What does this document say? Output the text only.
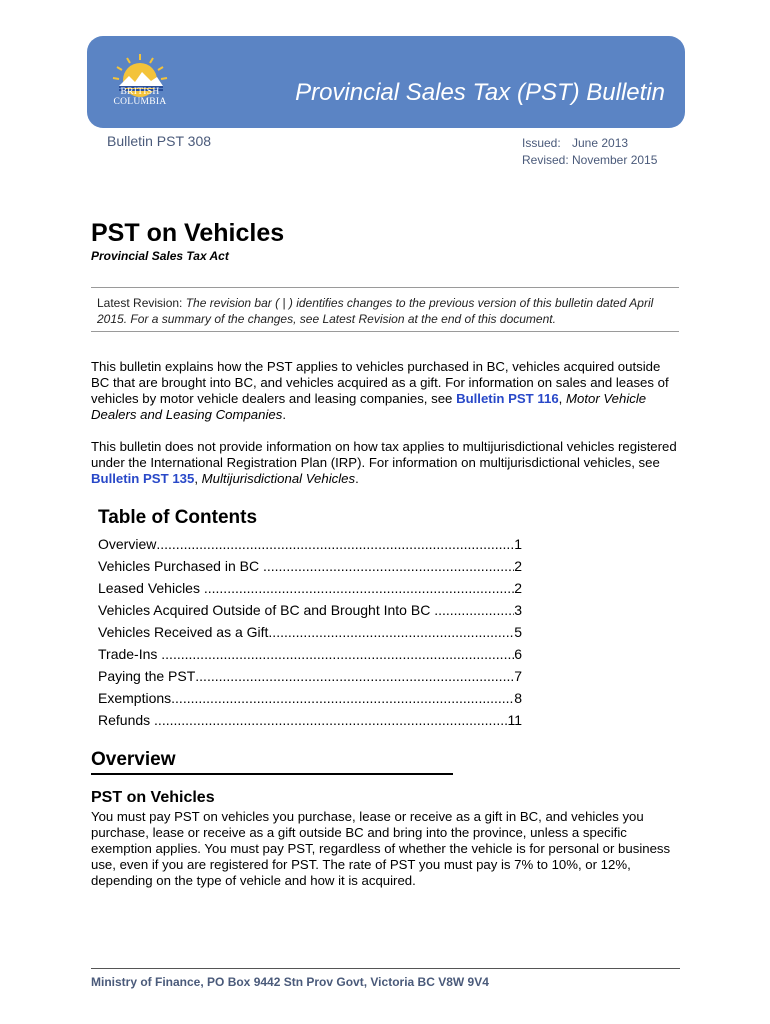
BRITISH
COLUMBIA	Provincial Sales Tax (PST) Bulletin
Bulletin PST 308	Issued: June 2013
Revised: November 2015
PST on Vehicles
Provincial Sales Tax Act

Latest Revision: The revision bar ( | ) identifies changes to the previous version of this bulletin dated April 2015. For a summary of the changes, see Latest Revision at the end of this document.

This bulletin explains how the PST applies to vehicles purchased in BC, vehicles acquired outside BC that are brought into BC, and vehicles acquired as a gift. For information on sales and leases of vehicles by motor vehicle dealers and leasing companies, see Bulletin PST 116, Motor Vehicle Dealers and Leasing Companies.

This bulletin does not provide information on how tax applies to multijurisdictional vehicles registered under the International Registration Plan (IRP). For information on multijurisdictional vehicles, see Bulletin PST 135, Multijurisdictional Vehicles.

Table of Contents
Overview .....	1
Vehicles Purchased in BC .....	2
Leased Vehicles .....	2
Vehicles Acquired Outside of BC and Brought Into BC .....	3
Vehicles Received as a Gift .....	5
Trade-Ins .....	6
Paying the PST .....	7
Exemptions .....	8
Refunds .....	11
Overview
PST on Vehicles

You must pay PST on vehicles you purchase, lease or receive as a gift in BC, and vehicles you purchase, lease or receive as a gift outside BC and bring into the province, unless a specific exemption applies. You must pay PST, regardless of whether the vehicle is for personal or business use, even if you are registered for PST. The rate of PST you must pay is 7% to 10%, or 12%, depending on the type of vehicle and how it is acquired.

Ministry of Finance, PO Box 9442 Stn Prov Govt, Victoria BC V8W 9V4
